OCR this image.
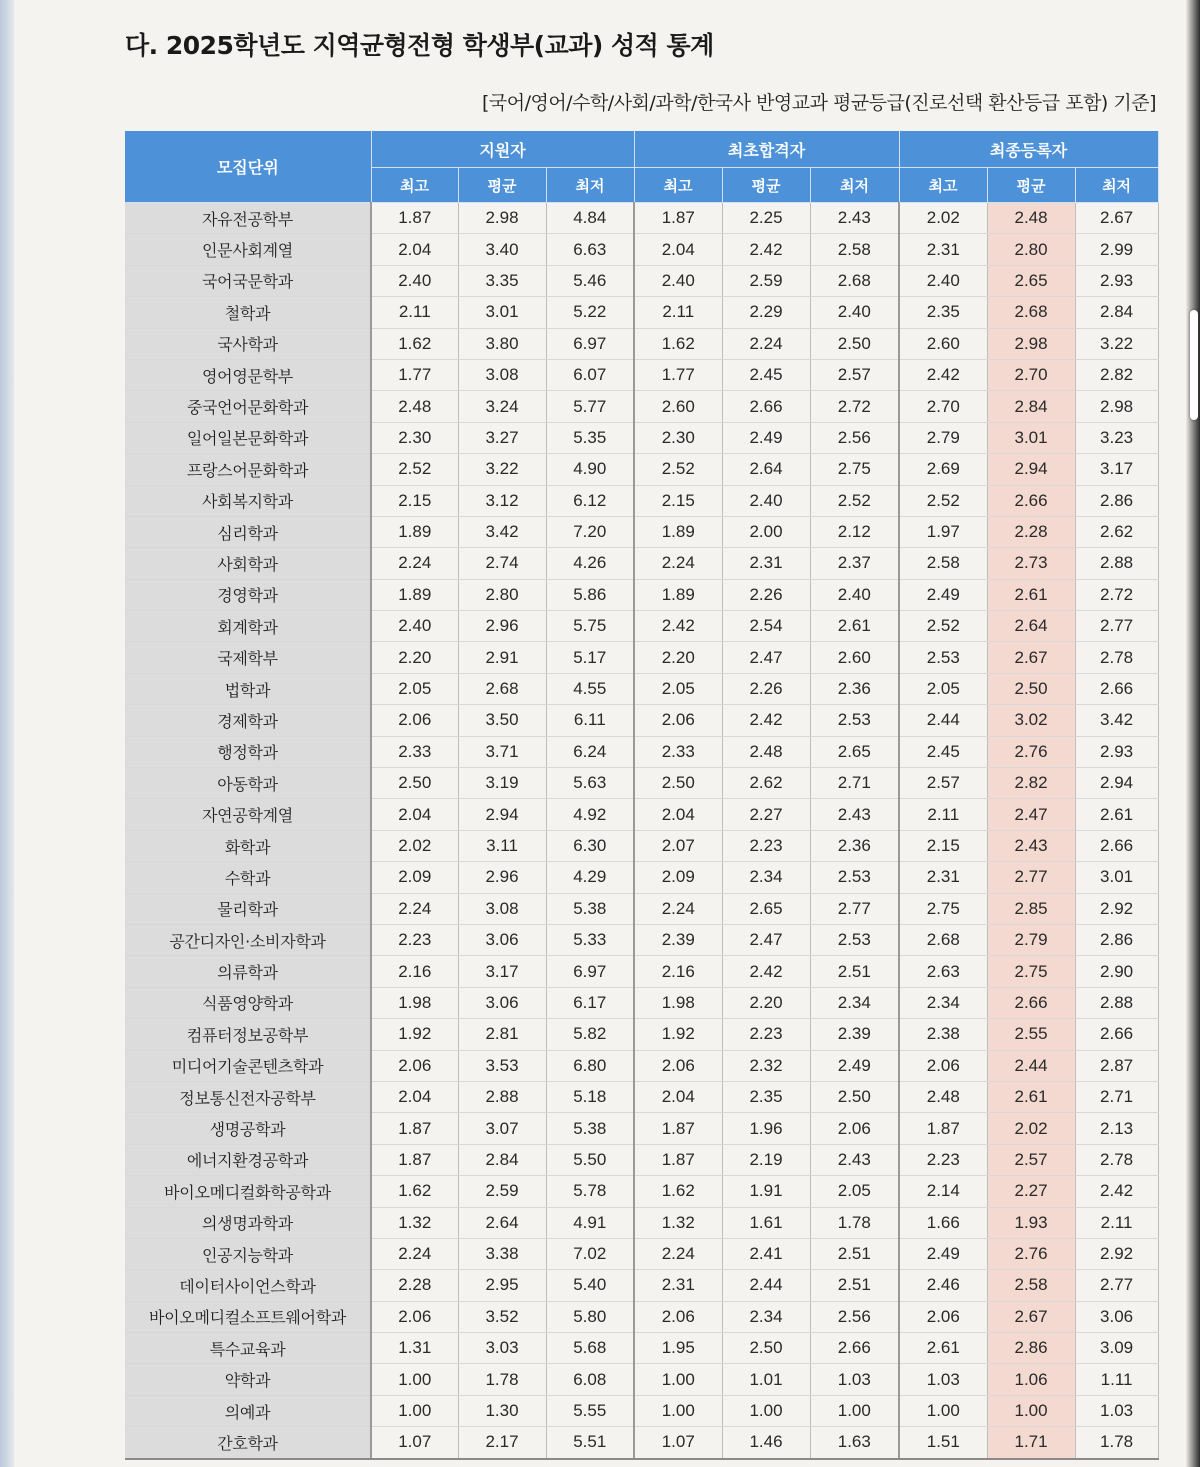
다. 2025학년도 지역균형전형 학생부(교과) 성적 통계
[국어/영어/수학/사회/과학/한국사 반영교과 평균등급(진로선택 환산등급 포함) 기준]
모집단위	지원자			최초합격자			최종등록자		
	최고	평균	최저	최고	평균	최저	최고	평균	최저
자유전공학부	1.87	2.98	4.84	1.87	2.25	2.43	2.02	2.48	2.67
인문사회계열	2.04	3.40	6.63	2.04	2.42	2.58	2.31	2.80	2.99
국어국문학과	2.40	3.35	5.46	2.40	2.59	2.68	2.40	2.65	2.93
철학과	2.11	3.01	5.22	2.11	2.29	2.40	2.35	2.68	2.84
국사학과	1.62	3.80	6.97	1.62	2.24	2.50	2.60	2.98	3.22
영어영문학부	1.77	3.08	6.07	1.77	2.45	2.57	2.42	2.70	2.82
중국언어문화학과	2.48	3.24	5.77	2.60	2.66	2.72	2.70	2.84	2.98
일어일본문화학과	2.30	3.27	5.35	2.30	2.49	2.56	2.79	3.01	3.23
프랑스어문화학과	2.52	3.22	4.90	2.52	2.64	2.75	2.69	2.94	3.17
사회복지학과	2.15	3.12	6.12	2.15	2.40	2.52	2.52	2.66	2.86
심리학과	1.89	3.42	7.20	1.89	2.00	2.12	1.97	2.28	2.62
사회학과	2.24	2.74	4.26	2.24	2.31	2.37	2.58	2.73	2.88
경영학과	1.89	2.80	5.86	1.89	2.26	2.40	2.49	2.61	2.72
회계학과	2.40	2.96	5.75	2.42	2.54	2.61	2.52	2.64	2.77
국제학부	2.20	2.91	5.17	2.20	2.47	2.60	2.53	2.67	2.78
법학과	2.05	2.68	4.55	2.05	2.26	2.36	2.05	2.50	2.66
경제학과	2.06	3.50	6.11	2.06	2.42	2.53	2.44	3.02	3.42
행정학과	2.33	3.71	6.24	2.33	2.48	2.65	2.45	2.76	2.93
아동학과	2.50	3.19	5.63	2.50	2.62	2.71	2.57	2.82	2.94
자연공학계열	2.04	2.94	4.92	2.04	2.27	2.43	2.11	2.47	2.61
화학과	2.02	3.11	6.30	2.07	2.23	2.36	2.15	2.43	2.66
수학과	2.09	2.96	4.29	2.09	2.34	2.53	2.31	2.77	3.01
물리학과	2.24	3.08	5.38	2.24	2.65	2.77	2.75	2.85	2.92
공간디자인·소비자학과	2.23	3.06	5.33	2.39	2.47	2.53	2.68	2.79	2.86
의류학과	2.16	3.17	6.97	2.16	2.42	2.51	2.63	2.75	2.90
식품영양학과	1.98	3.06	6.17	1.98	2.20	2.34	2.34	2.66	2.88
컴퓨터정보공학부	1.92	2.81	5.82	1.92	2.23	2.39	2.38	2.55	2.66
미디어기술콘텐츠학과	2.06	3.53	6.80	2.06	2.32	2.49	2.06	2.44	2.87
정보통신전자공학부	2.04	2.88	5.18	2.04	2.35	2.50	2.48	2.61	2.71
생명공학과	1.87	3.07	5.38	1.87	1.96	2.06	1.87	2.02	2.13
에너지환경공학과	1.87	2.84	5.50	1.87	2.19	2.43	2.23	2.57	2.78
바이오메디컬화학공학과	1.62	2.59	5.78	1.62	1.91	2.05	2.14	2.27	2.42
의생명과학과	1.32	2.64	4.91	1.32	1.61	1.78	1.66	1.93	2.11
인공지능학과	2.24	3.38	7.02	2.24	2.41	2.51	2.49	2.76	2.92
데이터사이언스학과	2.28	2.95	5.40	2.31	2.44	2.51	2.46	2.58	2.77
바이오메디컬소프트웨어학과	2.06	3.52	5.80	2.06	2.34	2.56	2.06	2.67	3.06
특수교육과	1.31	3.03	5.68	1.95	2.50	2.66	2.61	2.86	3.09
약학과	1.00	1.78	6.08	1.00	1.01	1.03	1.03	1.06	1.11
의예과	1.00	1.30	5.55	1.00	1.00	1.00	1.00	1.00	1.03
간호학과	1.07	2.17	5.51	1.07	1.46	1.63	1.51	1.71	1.78
